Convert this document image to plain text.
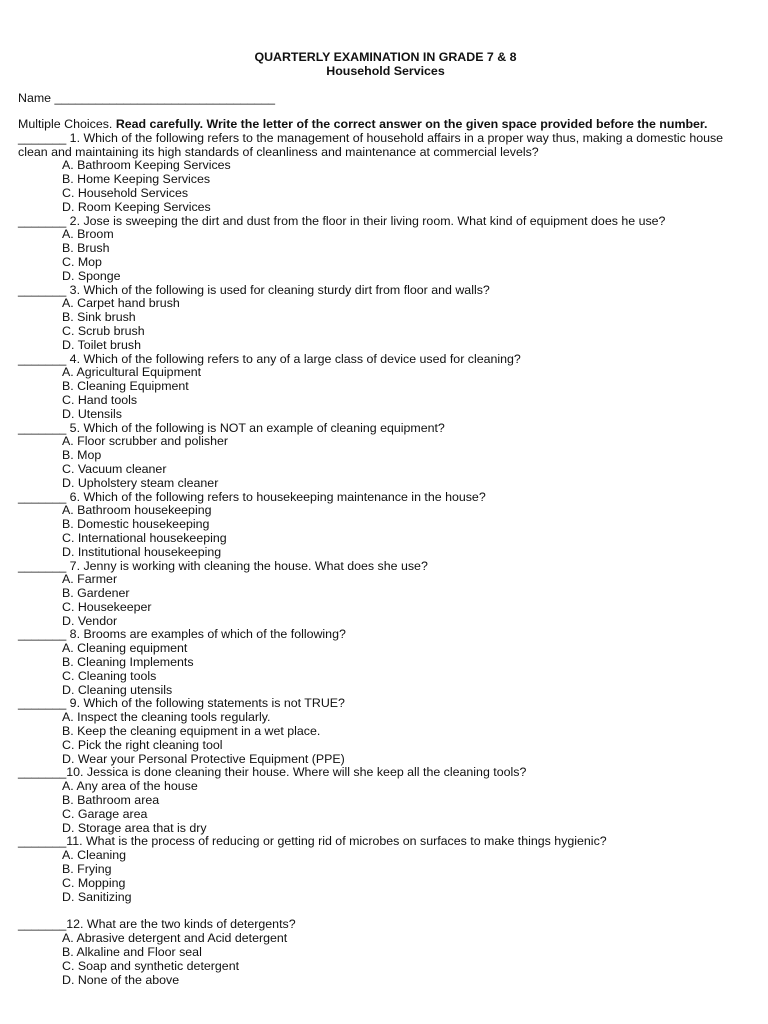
QUARTERLY EXAMINATION IN GRADE 7 & 8
Household Services
Name ________________________________
Multiple Choices. Read carefully. Write the letter of the correct answer on the given space provided before the number.
_______ 1. Which of the following refers to the management of household affairs in a proper way thus, making a domestic house clean and maintaining its high standards of cleanliness and maintenance at commercial levels?
A. Bathroom Keeping Services
B. Home Keeping Services
C. Household Services
D. Room Keeping Services
_______ 2. Jose is sweeping the dirt and dust from the floor in their living room. What kind of equipment does he use?
A. Broom
B. Brush
C. Mop
D. Sponge
_______ 3. Which of the following is used for cleaning sturdy dirt from floor and walls?
A. Carpet hand brush
B. Sink brush
C. Scrub brush
D. Toilet brush
_______ 4. Which of the following refers to any of a large class of device used for cleaning?
A. Agricultural Equipment
B. Cleaning Equipment
C. Hand tools
D. Utensils
_______ 5. Which of the following is NOT an example of cleaning equipment?
A. Floor scrubber and polisher
B. Mop
C. Vacuum cleaner
D. Upholstery steam cleaner
_______ 6. Which of the following refers to housekeeping maintenance in the house?
A. Bathroom housekeeping
B. Domestic housekeeping
C. International housekeeping
D. Institutional housekeeping
_______ 7. Jenny is working with cleaning the house. What does she use?
A. Farmer
B. Gardener
C. Housekeeper
D. Vendor
_______ 8. Brooms are examples of which of the following?
A. Cleaning equipment
B. Cleaning Implements
C. Cleaning tools
D. Cleaning utensils
_______ 9. Which of the following statements is not TRUE?
A. Inspect the cleaning tools regularly.
B. Keep the cleaning equipment in a wet place.
C. Pick the right cleaning tool
D. Wear your Personal Protective Equipment (PPE)
_______10. Jessica is done cleaning their house. Where will she keep all the cleaning tools?
A. Any area of the house
B. Bathroom area
C. Garage area
D. Storage area that is dry
_______11. What is the process of reducing or getting rid of microbes on surfaces to make things hygienic?
A. Cleaning
B. Frying
C. Mopping
D. Sanitizing
_______12. What are the two kinds of detergents?
A. Abrasive detergent and Acid detergent
B. Alkaline and Floor seal
C. Soap and synthetic detergent
D. None of the above
